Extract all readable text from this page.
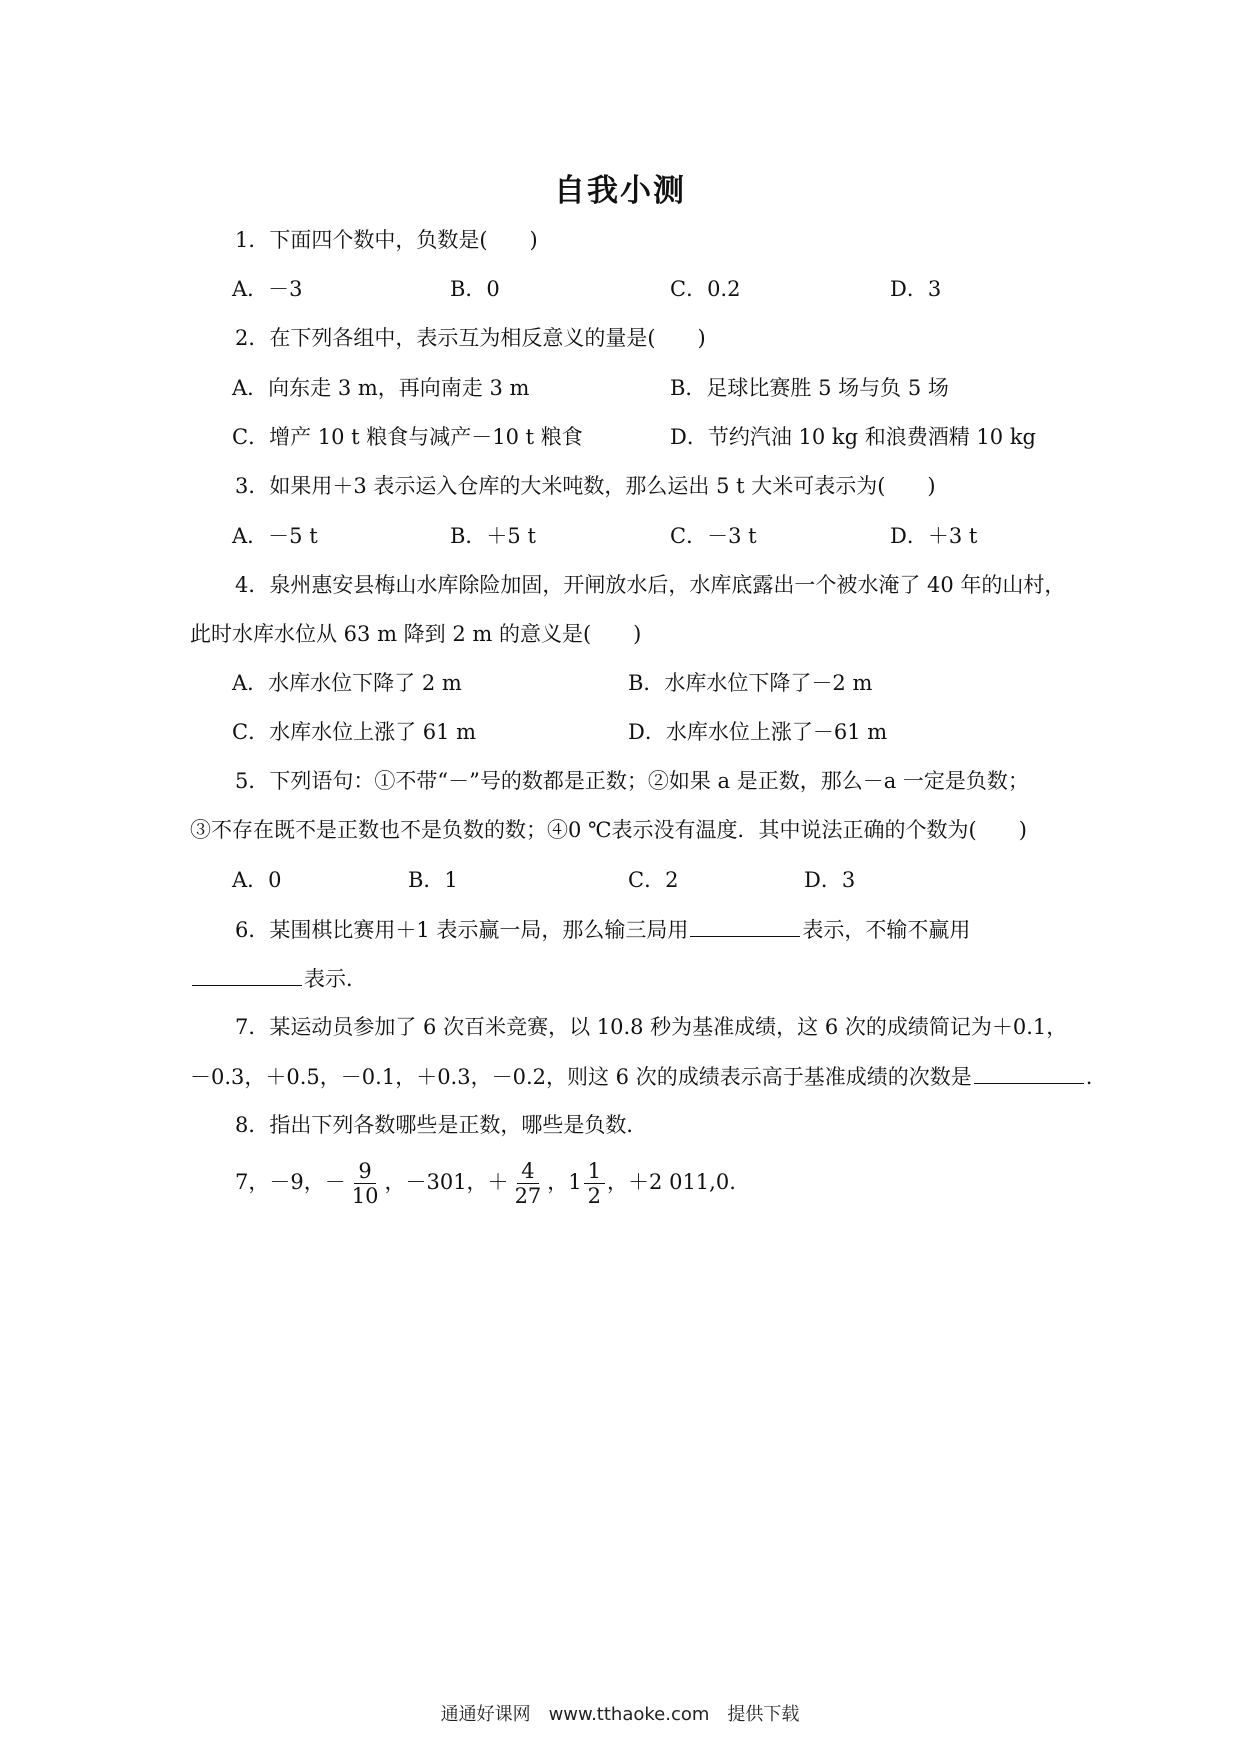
自我小测
1．下面四个数中，负数是(　　)
A．－3	B．0	C．0.2	D．3
2．在下列各组中，表示互为相反意义的量是(　　)
A．向东走 3 m，再向南走 3 m	B．足球比赛胜 5 场与负 5 场
C．增产 10 t 粮食与减产－10 t 粮食	D．节约汽油 10 kg 和浪费酒精 10 kg
3．如果用＋3 表示运入仓库的大米吨数，那么运出 5 t 大米可表示为(　　)
A．－5 t	B．＋5 t	C．－3 t	D．＋3 t
4．泉州惠安县梅山水库除险加固，开闸放水后，水库底露出一个被水淹了 40 年的山村，
此时水库水位从 63 m 降到 2 m 的意义是(　　)
A．水库水位下降了 2 m	B．水库水位下降了－2 m
C．水库水位上涨了 61 m	D．水库水位上涨了－61 m
5．下列语句：①不带“－”号的数都是正数；②如果 a 是正数，那么－a 一定是负数；
③不存在既不是正数也不是负数的数；④0 ℃表示没有温度．其中说法正确的个数为(　　)
A．0	B．1	C．2	D．3
6．某围棋比赛用＋1 表示赢一局，那么输三局用	表示，不输不赢用
表示．
7．某运动员参加了 6 次百米竞赛，以 10.8 秒为基准成绩，这 6 次的成绩简记为＋0.1，
－0.3，＋0.5，－0.1，＋0.3，－0.2，则这 6 次的成绩表示高于基准成绩的次数是	.
8．指出下列各数哪些是正数，哪些是负数．
7，－9，－ $\frac{9}{10}$ ，－301，＋ $\frac{4}{27}$ ，$1 \frac{1}{2}$ ，＋2 011,0.
通通好课网　www.tthaoke.com　提供下载
